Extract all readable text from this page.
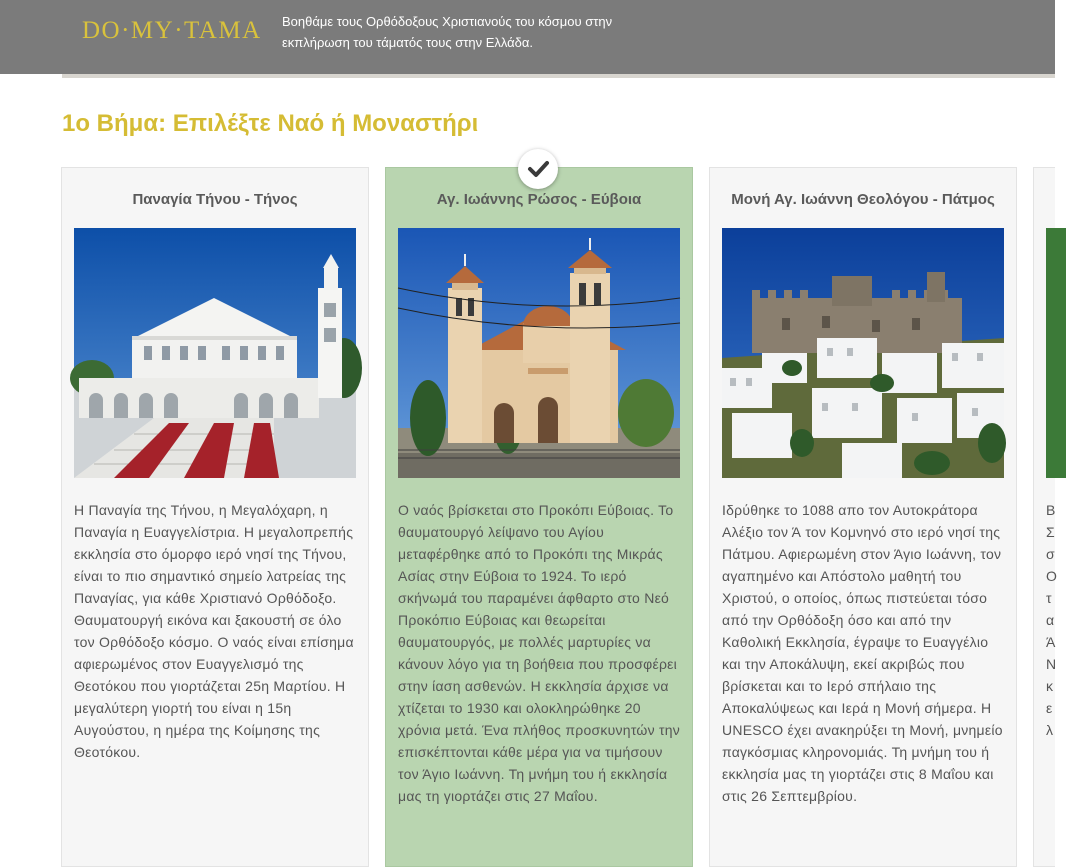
DO·MY·TAMA Βοηθάμε τους Ορθόδοξους Χριστιανούς του κόσμου στην εκπλήρωση του τάματός τους στην Ελλάδα.
1ο Βήμα: Επιλέξτε Ναό ή Μοναστήρι
Παναγία Τήνου - Τήνος
Η Παναγία της Τήνου, η Μεγαλόχαρη, η Παναγία η Ευαγγελίστρια. Η μεγαλοπρεπής εκκλησία στο όμορφο ιερό νησί της Τήνου, είναι το πιο σημαντικό σημείο λατρείας της Παναγίας, για κάθε Χριστιανό Ορθόδοξο. Θαυματουργή εικόνα και ξακουστή σε όλο τον Ορθόδοξο κόσμο. Ο ναός είναι επίσημα αφιερωμένος στον Ευαγγελισμό της Θεοτόκου που γιορτάζεται 25η Μαρτίου. Η μεγαλύτερη γιορτή του είναι η 15η Αυγούστου, η ημέρα της Κοίμησης της Θεοτόκου.
Αγ. Ιωάννης Ρώσος - Εύβοια
Ο ναός βρίσκεται στο Προκόπι Εύβοιας. Το θαυματουργό λείψανο του Αγίου μεταφέρθηκε από το Προκόπι της Μικράς Ασίας στην Εύβοια το 1924. Το ιερό σκήνωμά του παραμένει άφθαρτο στο Νεό Προκόπιο Εύβοιας και θεωρείται θαυματουργός, με πολλές μαρτυρίες να κάνουν λόγο για τη βοήθεια που προσφέρει στην ίαση ασθενών. Η εκκλησία άρχισε να χτίζεται το 1930 και ολοκληρώθηκε 20 χρόνια μετά. Ένα πλήθος προσκυνητών την επισκέπτονται κάθε μέρα για να τιμήσουν τον Άγιο Ιωάννη. Τη μνήμη του ή εκκλησία μας τη γιορτάζει στις 27 Μαΐου.
Μονή Αγ. Ιωάννη Θεολόγου - Πάτμος
Ιδρύθηκε το 1088 απο τον Αυτοκράτορα Αλέξιο τον Ά τον Κομνηνό στο ιερό νησί της Πάτμου. Αφιερωμένη στον Άγιο Ιωάννη, τον αγαπημένο και Απόστολο μαθητή του Χριστού, ο οποίος, όπως πιστεύεται τόσο από την Ορθόδοξη όσο και από την Καθολική Εκκλησία, έγραψε το Ευαγγέλιο και την Αποκάλυψη, εκεί ακριβώς που βρίσκεται και το Ιερό σπήλαιο της Αποκαλύψεως και Ιερά η Μονή σήμερα. Η UNESCO έχει ανακηρύξει τη Μονή, μνημείο παγκόσμιας κληρονομιάς. Τη μνήμη του ή εκκλησία μας τη γιορτάζει στις 8 Μαΐου και στις 26 Σεπτεμβρίου.
Β
Σ
σ
Ο
τ
α
Ά
Ν
κ
ε
λ
